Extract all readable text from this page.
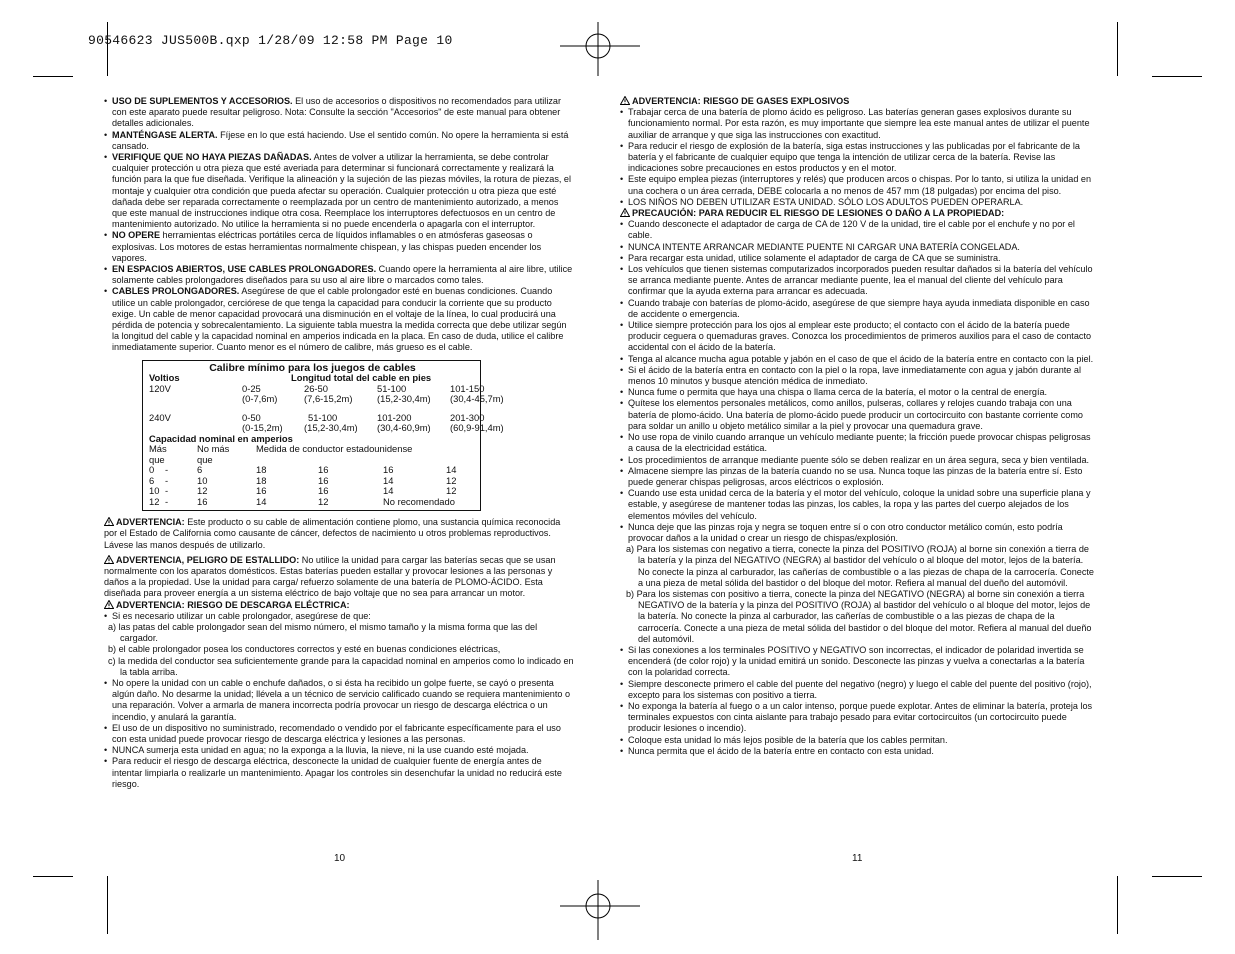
90546623 JUS500B.qxp 1/28/09 12:58 PM Page 10

• USO DE SUPLEMENTOS Y ACCESORIOS. El uso de accesorios o dispositivos no recomendados para utilizar con este aparato puede resultar peligroso. Nota: Consulte la sección "Accesorios" de este manual para obtener detalles adicionales.

• MANTÉNGASE ALERTA. Fíjese en lo que está haciendo. Use el sentido común. No opere la herramienta si está cansado.

• VERIFIQUE QUE NO HAYA PIEZAS DAÑADAS. Antes de volver a utilizar la herramienta, se debe controlar cualquier protección u otra pieza que esté averiada para determinar si funcionará correctamente y realizará la función para la que fue diseñada. Verifique la alineación y la sujeción de las piezas móviles, la rotura de piezas, el montaje y cualquier otra condición que pueda afectar su operación. Cualquier protección u otra pieza que esté dañada debe ser reparada correctamente o reemplazada por un centro de mantenimiento autorizado, a menos que este manual de instrucciones indique otra cosa. Reemplace los interruptores defectuosos en un centro de mantenimiento autorizado. No utilice la herramienta si no puede encenderla o apagarla con el interruptor.

• NO OPERE herramientas eléctricas portátiles cerca de líquidos inflamables o en atmósferas gaseosas o explosivas. Los motores de estas herramientas normalmente chispean, y las chispas pueden encender los vapores.

• EN ESPACIOS ABIERTOS, USE CABLES PROLONGADORES. Cuando opere la herramienta al aire libre, utilice solamente cables prolongadores diseñados para su uso al aire libre o marcados como tales.

• CABLES PROLONGADORES. Asegúrese de que el cable prolongador esté en buenas condiciones. Cuando utilice un cable prolongador, cerciórese de que tenga la capacidad para conducir la corriente que su producto exige. Un cable de menor capacidad provocará una disminución en el voltaje de la línea, lo cual producirá una pérdida de potencia y sobrecalentamiento. La siguiente tabla muestra la medida correcta que debe utilizar según la longitud del cable y la capacidad nominal en amperios indicada en la placa. En caso de duda, utilice el calibre inmediatamente superior. Cuanto menor es el número de calibre, más grueso es el cable.

Calibre mínimo para los juegos de cables
Voltios	Longitud total del cable en pies
120V	0-25	26-50	51-100	101-150
(0-7,6m)	(7,6-15,2m)	(15,2-30,4m)	(30,4-45,7m)
240V	0-50	51-100	101-200	201-300
(0-15,2m)	(15,2-30,4m)	(30,4-60,9m)	(60,9-91,4m)
Capacidad nominal en amperios
Más	No más	Medida de conductor estadounidense
que	que
0	-	6	18	16	16	14
6	-	10	18	16	14	12
10 -	12	16	16	14	12
12 -	16	14	12	No recomendado

ADVERTENCIA: Este producto o su cable de alimentación contiene plomo, una sustancia química reconocida por el Estado de California como causante de cáncer, defectos de nacimiento u otros problemas reproductivos. Lávese las manos después de utilizarlo.

ADVERTENCIA, PELIGRO DE ESTALLIDO: No utilice la unidad para cargar las baterías secas que se usan normalmente con los aparatos domésticos. Estas baterías pueden estallar y provocar lesiones a las personas y daños a la propiedad. Use la unidad para carga/ refuerzo solamente de una batería de PLOMO-ÁCIDO. Esta diseñada para proveer energía a un sistema eléctrico de bajo voltaje que no sea para arrancar un motor.

ADVERTENCIA: RIESGO DE DESCARGA ELÉCTRICA:

• Si es necesario utilizar un cable prolongador, asegúrese de que:

a) las patas del cable prolongador sean del mismo número, el mismo tamaño y la misma forma que las del cargador.

b) el cable prolongador posea los conductores correctos y esté en buenas condiciones eléctricas,

c) la medida del conductor sea suficientemente grande para la capacidad nominal en amperios como lo indicado en la tabla arriba.

• No opere la unidad con un cable o enchufe dañados, o si ésta ha recibido un golpe fuerte, se cayó o presenta algún daño. No desarme la unidad; llévela a un técnico de servicio calificado cuando se requiera mantenimiento o una reparación. Volver a armarla de manera incorrecta podría provocar un riesgo de descarga eléctrica o un incendio, y anulará la garantía.

• El uso de un dispositivo no suministrado, recomendado o vendido por el fabricante específicamente para el uso con esta unidad puede provocar riesgo de descarga eléctrica y lesiones a las personas.

• NUNCA sumerja esta unidad en agua; no la exponga a la lluvia, la nieve, ni la use cuando esté mojada.

• Para reducir el riesgo de descarga eléctrica, desconecte la unidad de cualquier fuente de energía antes de intentar limpiarla o realizarle un mantenimiento. Apagar los controles sin desenchufar la unidad no reducirá este riesgo.

ADVERTENCIA: RIESGO DE GASES EXPLOSIVOS

• Trabajar cerca de una batería de plomo ácido es peligroso. Las baterías generan gases explosivos durante su funcionamiento normal. Por esta razón, es muy importante que siempre lea este manual antes de utilizar el puente auxiliar de arranque y que siga las instrucciones con exactitud.

• Para reducir el riesgo de explosión de la batería, siga estas instrucciones y las publicadas por el fabricante de la batería y el fabricante de cualquier equipo que tenga la intención de utilizar cerca de la batería. Revise las indicaciones sobre precauciones en estos productos y en el motor.

• Este equipo emplea piezas (interruptores y relés) que producen arcos o chispas. Por lo tanto, si utiliza la unidad en una cochera o un área cerrada, DEBE colocarla a no menos de 457 mm (18 pulgadas) por encima del piso.

• LOS NIÑOS NO DEBEN UTILIZAR ESTA UNIDAD. SÓLO LOS ADULTOS PUEDEN OPERARLA.

PRECAUCIÓN: PARA REDUCIR EL RIESGO DE LESIONES O DAÑO A LA PROPIEDAD:

• Cuando desconecte el adaptador de carga de CA de 120 V de la unidad, tire el cable por el enchufe y no por el cable.

• NUNCA INTENTE ARRANCAR MEDIANTE PUENTE NI CARGAR UNA BATERÍA CONGELADA.

• Para recargar esta unidad, utilice solamente el adaptador de carga de CA que se suministra.

• Los vehículos que tienen sistemas computarizados incorporados pueden resultar dañados si la batería del vehículo se arranca mediante puente. Antes de arrancar mediante puente, lea el manual del cliente del vehículo para confirmar que la ayuda externa para arrancar es adecuada.

• Cuando trabaje con baterías de plomo-ácido, asegúrese de que siempre haya ayuda inmediata disponible en caso de accidente o emergencia.

• Utilice siempre protección para los ojos al emplear este producto; el contacto con el ácido de la batería puede producir ceguera o quemaduras graves. Conozca los procedimientos de primeros auxilios para el caso de contacto accidental con el ácido de la batería.

• Tenga al alcance mucha agua potable y jabón en el caso de que el ácido de la batería entre en contacto con la piel.

• Si el ácido de la batería entra en contacto con la piel o la ropa, lave inmediatamente con agua y jabón durante al menos 10 minutos y busque atención médica de inmediato.

• Nunca fume o permita que haya una chispa o llama cerca de la batería, el motor o la central de energía.

• Quítese los elementos personales metálicos, como anillos, pulseras, collares y relojes cuando trabaja con una batería de plomo-ácido. Una batería de plomo-ácido puede producir un cortocircuito con bastante corriente como para soldar un anillo u objeto metálico similar a la piel y provocar una quemadura grave.

• No use ropa de vinilo cuando arranque un vehículo mediante puente; la fricción puede provocar chispas peligrosas a causa de la electricidad estática.

• Los procedimientos de arranque mediante puente sólo se deben realizar en un área segura, seca y bien ventilada.

• Almacene siempre las pinzas de la batería cuando no se usa. Nunca toque las pinzas de la batería entre sí. Esto puede generar chispas peligrosas, arcos eléctricos o explosión.

• Cuando use esta unidad cerca de la batería y el motor del vehículo, coloque la unidad sobre una superficie plana y estable, y asegúrese de mantener todas las pinzas, los cables, la ropa y las partes del cuerpo alejados de los elementos móviles del vehículo.

• Nunca deje que las pinzas roja y negra se toquen entre sí o con otro conductor metálico común, esto podría provocar daños a la unidad o crear un riesgo de chispas/explosión.

a) Para los sistemas con negativo a tierra, conecte la pinza del POSITIVO (ROJA) al borne sin conexión a tierra de la batería y la pinza del NEGATIVO (NEGRA) al bastidor del vehículo o al bloque del motor, lejos de la batería. No conecte la pinza al carburador, las cañerías de combustible o a las piezas de chapa de la carrocería. Conecte a una pieza de metal sólida del bastidor o del bloque del motor. Refiera al manual del dueño del automóvil.

b) Para los sistemas con positivo a tierra, conecte la pinza del NEGATIVO (NEGRA) al borne sin conexión a tierra NEGATIVO de la batería y la pinza del POSITIVO (ROJA) al bastidor del vehículo o al bloque del motor, lejos de la batería. No conecte la pinza al carburador, las cañerías de combustible o a las piezas de chapa de la carrocería. Conecte a una pieza de metal sólida del bastidor o del bloque del motor. Refiera al manual del dueño del automóvil.

• Si las conexiones a los terminales POSITIVO y NEGATIVO son incorrectas, el indicador de polaridad invertida se encenderá (de color rojo) y la unidad emitirá un sonido. Desconecte las pinzas y vuelva a conectarlas a la batería con la polaridad correcta.

• Siempre desconecte primero el cable del puente del negativo (negro) y luego el cable del puente del positivo (rojo), excepto para los sistemas con positivo a tierra.

• No exponga la batería al fuego o a un calor intenso, porque puede explotar. Antes de eliminar la batería, proteja los terminales expuestos con cinta aislante para trabajo pesado para evitar cortocircuitos (un cortocircuito puede producir lesiones o incendio).

• Coloque esta unidad lo más lejos posible de la batería que los cables permitan.

• Nunca permita que el ácido de la batería entre en contacto con esta unidad.

10	11
